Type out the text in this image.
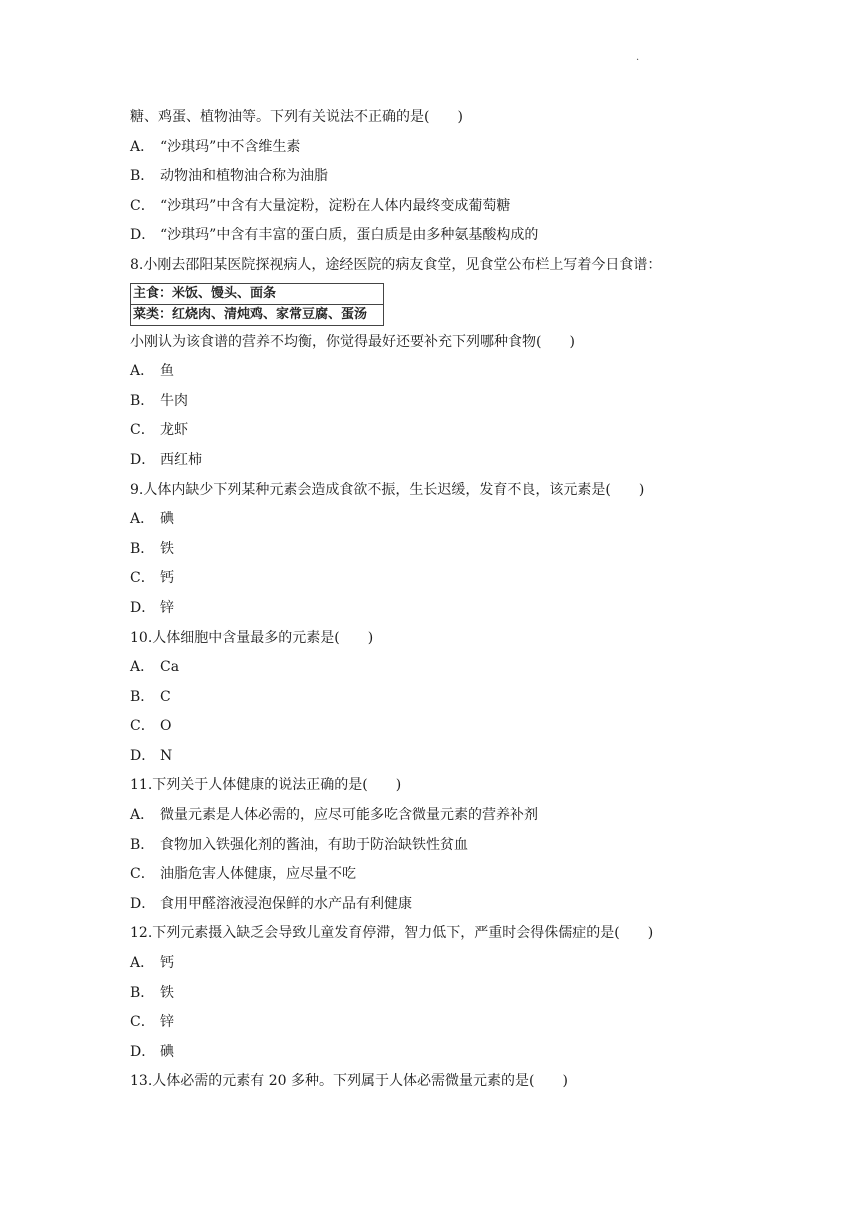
·
糖、鸡蛋、植物油等。下列有关说法不正确的是(　　)
A． “沙琪玛”中不含维生素
B． 动物油和植物油合称为油脂
C． “沙琪玛”中含有大量淀粉，淀粉在人体内最终变成葡萄糖
D． “沙琪玛”中含有丰富的蛋白质，蛋白质是由多种氨基酸构成的
8.小刚去邵阳某医院探视病人，途经医院的病友食堂，见食堂公布栏上写着今日食谱：
主食：米饭、馒头、面条
菜类：红烧肉、清炖鸡、家常豆腐、蛋汤
小刚认为该食谱的营养不均衡，你觉得最好还要补充下列哪种食物(　　)
A． 鱼
B． 牛肉
C． 龙虾
D． 西红柿
9.人体内缺少下列某种元素会造成食欲不振，生长迟缓，发育不良，该元素是(　　)
A． 碘
B． 铁
C． 钙
D． 锌
10.人体细胞中含量最多的元素是(　　)
A． Ca
B． C
C． O
D． N
11.下列关于人体健康的说法正确的是(　　)
A． 微量元素是人体必需的，应尽可能多吃含微量元素的营养补剂
B． 食物加入铁强化剂的酱油，有助于防治缺铁性贫血
C． 油脂危害人体健康，应尽量不吃
D． 食用甲醛溶液浸泡保鲜的水产品有利健康
12.下列元素摄入缺乏会导致儿童发育停滞，智力低下，严重时会得侏儒症的是(　　)
A． 钙
B． 铁
C． 锌
D． 碘
13.人体必需的元素有 20 多种。下列属于人体必需微量元素的是(　　)
